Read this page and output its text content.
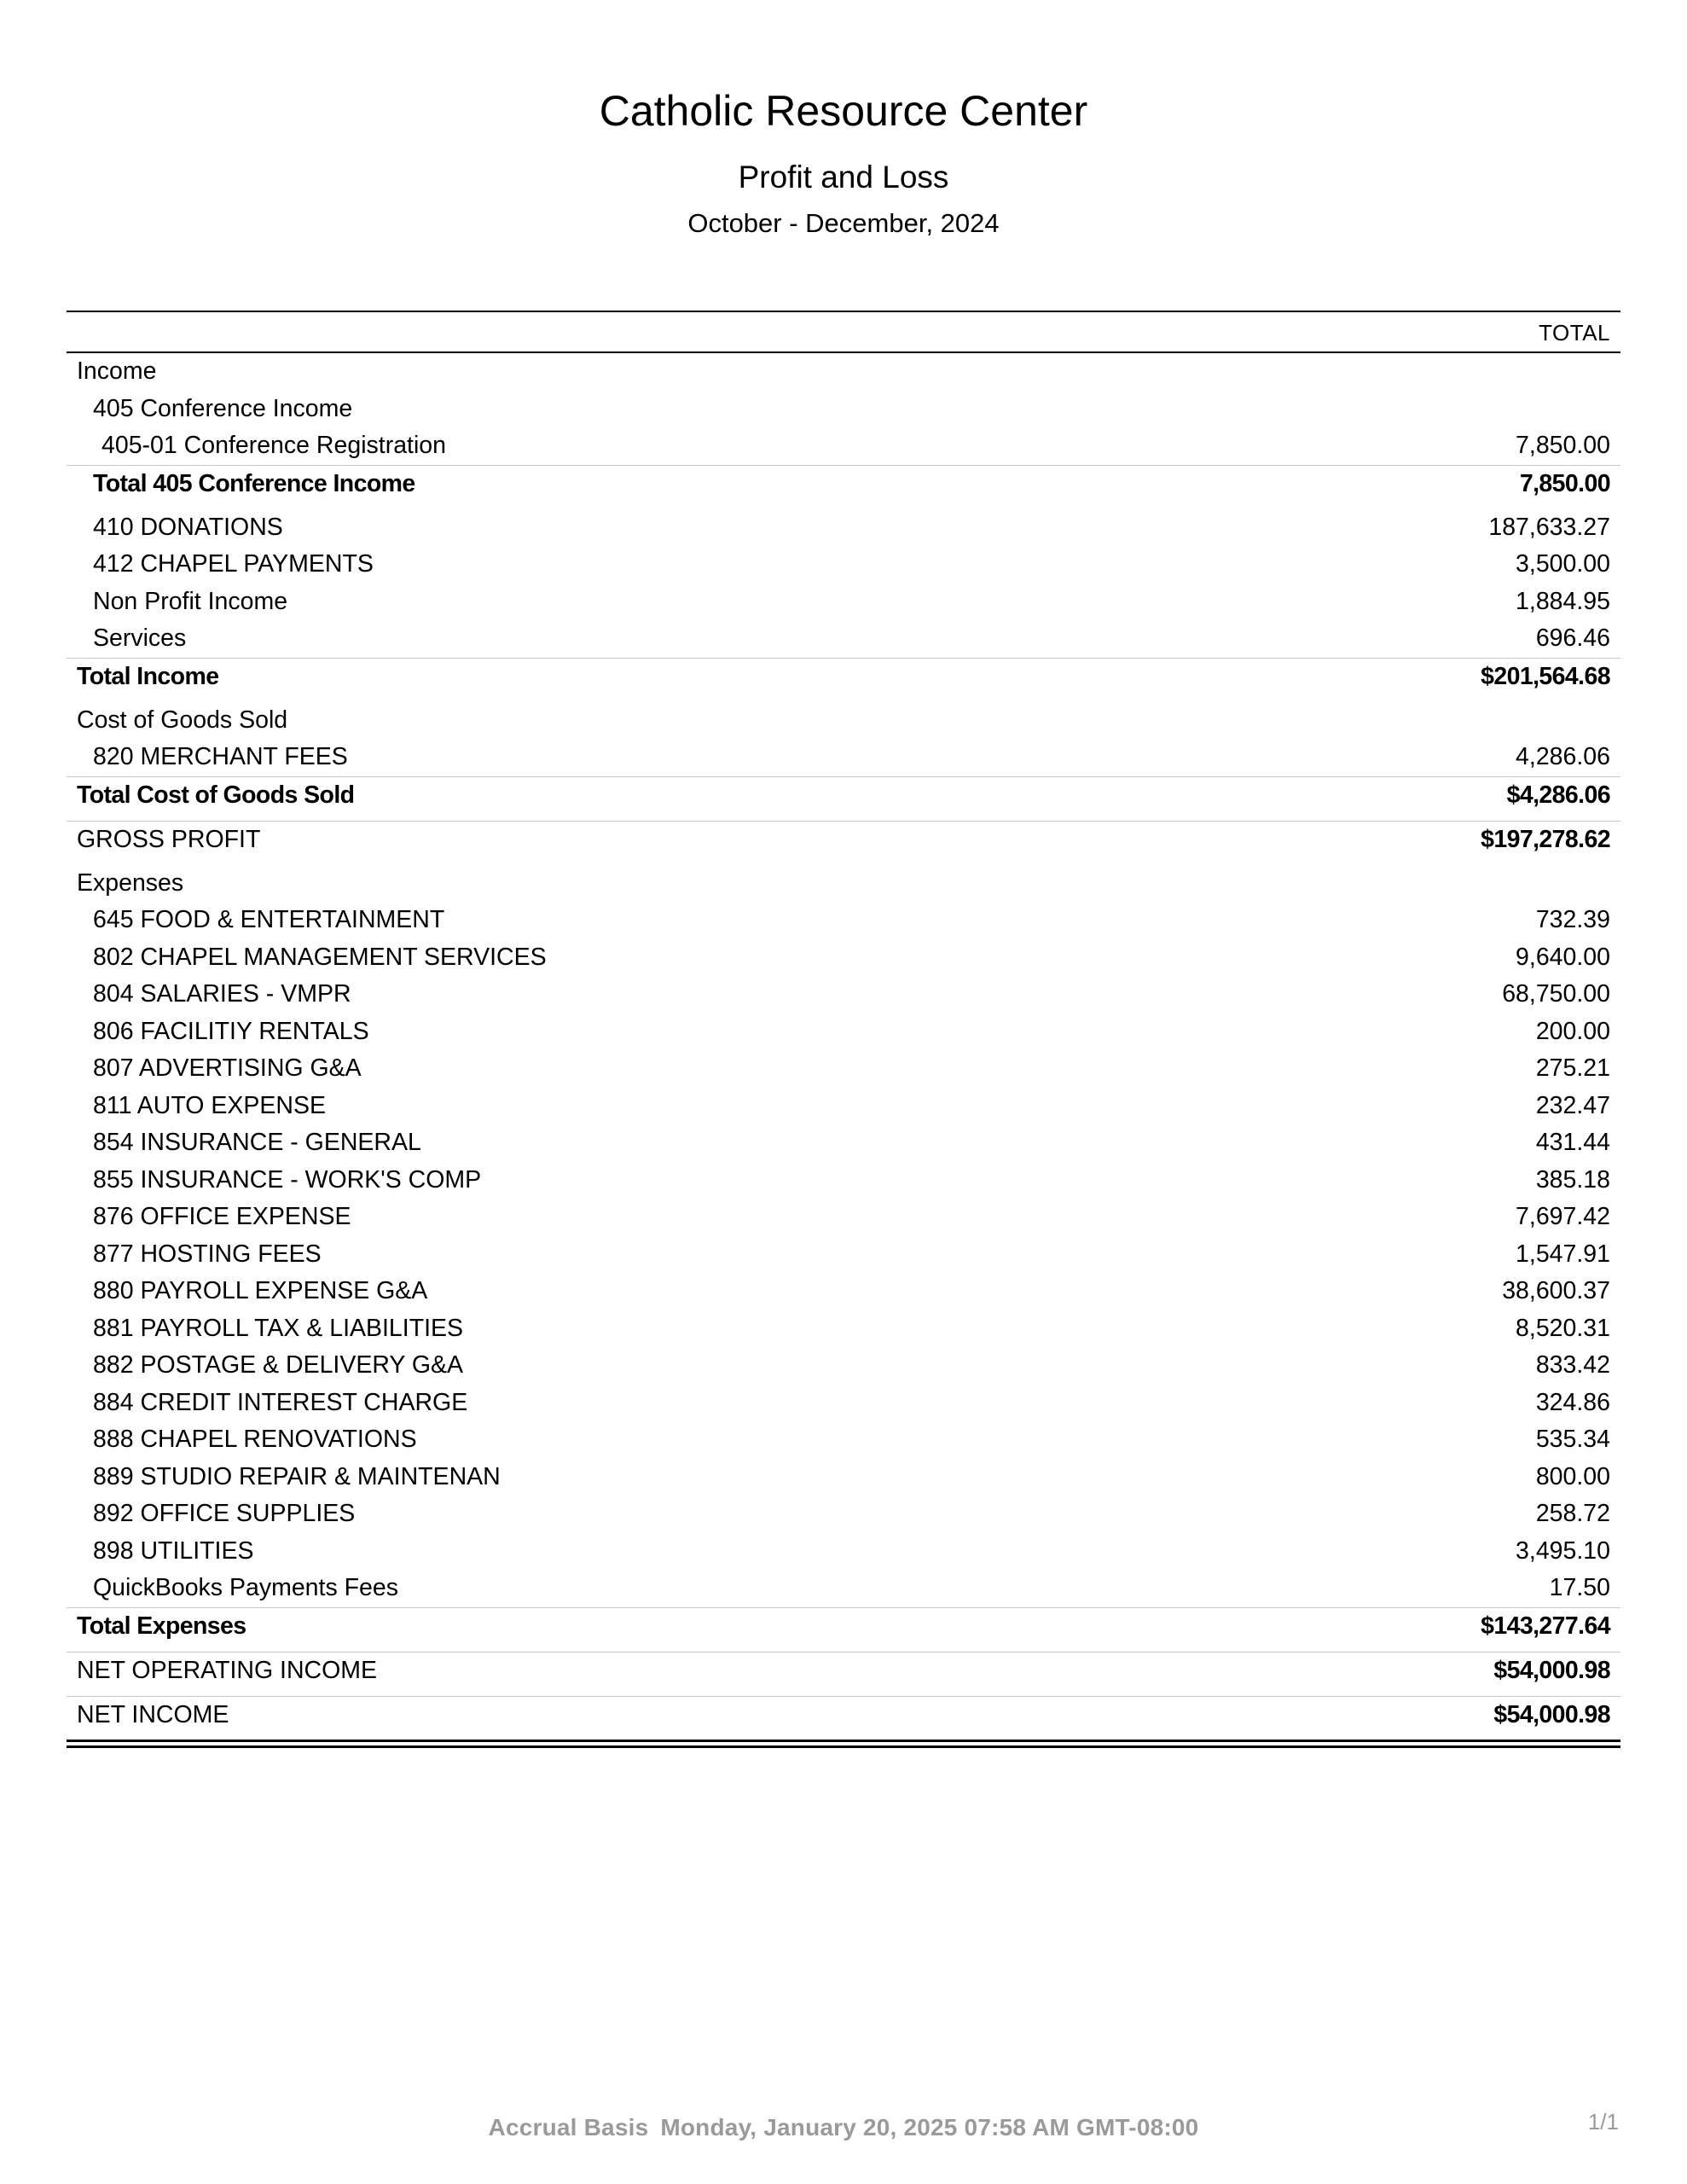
Catholic Resource Center
Profit and Loss
October - December, 2024
TOTAL
Income
405 Conference Income
405-01 Conference Registration	7,850.00
Total 405 Conference Income	7,850.00
410 DONATIONS	187,633.27
412 CHAPEL PAYMENTS	3,500.00
Non Profit Income	1,884.95
Services	696.46
Total Income	$201,564.68
Cost of Goods Sold
820 MERCHANT FEES	4,286.06
Total Cost of Goods Sold	$4,286.06
GROSS PROFIT	$197,278.62
Expenses
645 FOOD & ENTERTAINMENT	732.39
802 CHAPEL MANAGEMENT SERVICES	9,640.00
804 SALARIES - VMPR	68,750.00
806 FACILITIY RENTALS	200.00
807 ADVERTISING G&A	275.21
811 AUTO EXPENSE	232.47
854 INSURANCE - GENERAL	431.44
855 INSURANCE - WORK'S COMP	385.18
876 OFFICE EXPENSE	7,697.42
877 HOSTING FEES	1,547.91
880 PAYROLL EXPENSE G&A	38,600.37
881 PAYROLL TAX & LIABILITIES	8,520.31
882 POSTAGE & DELIVERY G&A	833.42
884 CREDIT INTEREST CHARGE	324.86
888 CHAPEL RENOVATIONS	535.34
889 STUDIO REPAIR & MAINTENAN	800.00
892 OFFICE SUPPLIES	258.72
898 UTILITIES	3,495.10
QuickBooks Payments Fees	17.50
Total Expenses	$143,277.64
NET OPERATING INCOME	$54,000.98
NET INCOME	$54,000.98
Accrual Basis Monday, January 20, 2025 07:58 AM GMT-08:00	1/1
